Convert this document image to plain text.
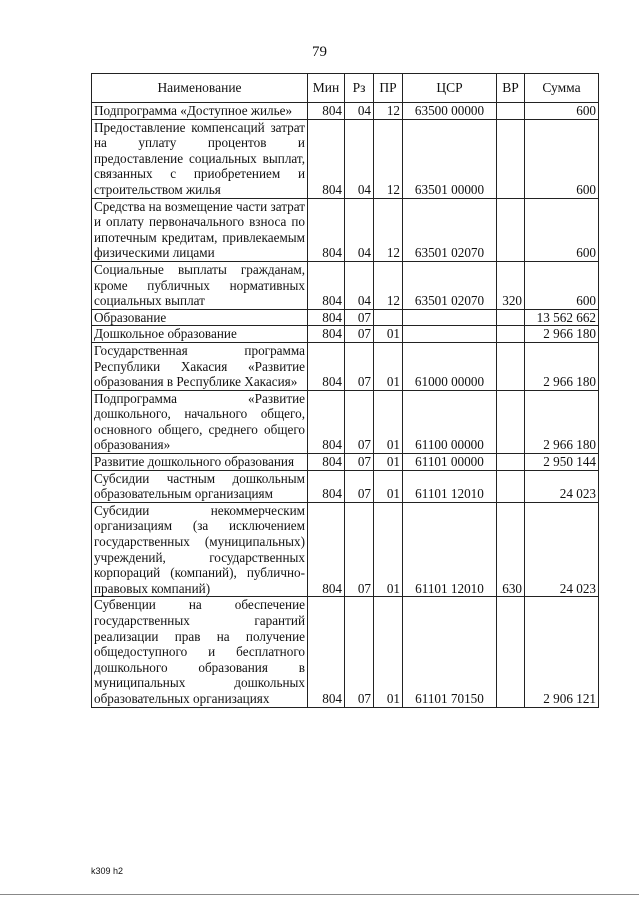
79
Наименование	Мин	Рз	ПР	ЦСР	ВР	Сумма
Подпрограмма «Доступное жилье»	804	04	12	63500 00000		600
Предоставление компенсаций затрат на уплату процентов и предоставление социальных выплат, связанных с приобретением и строительством жилья	804	04	12	63501 00000		600
Средства на возмещение части затрат и оплату первоначального взноса по ипотечным кредитам, привлекаемым физическими лицами	804	04	12	63501 02070		600
Социальные выплаты гражданам, кроме публичных нормативных социальных выплат	804	04	12	63501 02070	320	600
Образование	804	07				13 562 662
Дошкольное образование	804	07	01			2 966 180
Государственная программа Республики Хакасия «Развитие образования в Республике Хакасия»	804	07	01	61000 00000		2 966 180
Подпрограмма «Развитие дошкольного, начального общего, основного общего, среднего общего образования»	804	07	01	61100 00000		2 966 180
Развитие дошкольного образования	804	07	01	61101 00000		2 950 144
Субсидии частным дошкольным образовательным организациям	804	07	01	61101 12010		24 023
Субсидии некоммерческим организациям (за исключением государственных (муниципальных) учреждений, государственных корпораций (компаний), публично-правовых компаний)	804	07	01	61101 12010	630	24 023
Субвенции на обеспечение государственных гарантий реализации прав на получение общедоступного и бесплатного дошкольного образования в муниципальных дошкольных образовательных организациях	804	07	01	61101 70150		2 906 121
k309 h2
